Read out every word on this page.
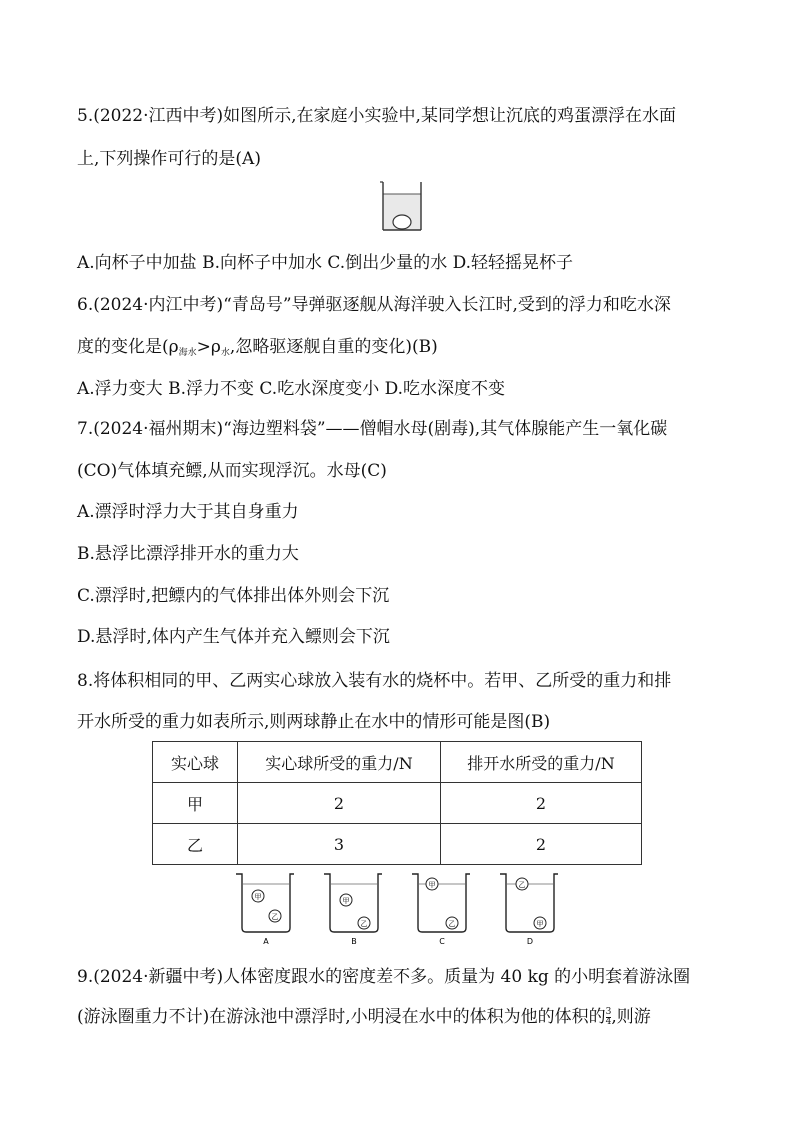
5.(2022·江西中考)如图所示,在家庭小实验中,某同学想让沉底的鸡蛋漂浮在水面
上,下列操作可行的是(A)
A.向杯子中加盐 B.向杯子中加水 C.倒出少量的水 D.轻轻摇晃杯子
6.(2024·内江中考)“青岛号”导弹驱逐舰从海洋驶入长江时,受到的浮力和吃水深
度的变化是(ρ海水>ρ水,忽略驱逐舰自重的变化)(B)
A.浮力变大 B.浮力不变 C.吃水深度变小 D.吃水深度不变
7.(2024·福州期末)“海边塑料袋”——僧帽水母(剧毒),其气体腺能产生一氧化碳
(CO)气体填充鳔,从而实现浮沉。水母(C)
A.漂浮时浮力大于其自身重力
B.悬浮比漂浮排开水的重力大
C.漂浮时,把鳔内的气体排出体外则会下沉
D.悬浮时,体内产生气体并充入鳔则会下沉
8.将体积相同的甲、乙两实心球放入装有水的烧杯中。若甲、乙所受的重力和排
开水所受的重力如表所示,则两球静止在水中的情形可能是图(B)
实心球	实心球所受的重力/N	排开水所受的重力/N
甲	2	2
乙	3	2
甲
乙
A
甲
乙
B
甲
乙
C
乙
甲
D
9.(2024·新疆中考)人体密度跟水的密度差不多。质量为 40 kg 的小明套着游泳圈
(游泳圈重力不计)在游泳池中漂浮时,小明浸在水中的体积为他的体积的 $\frac{3}{4}$ ,则游
